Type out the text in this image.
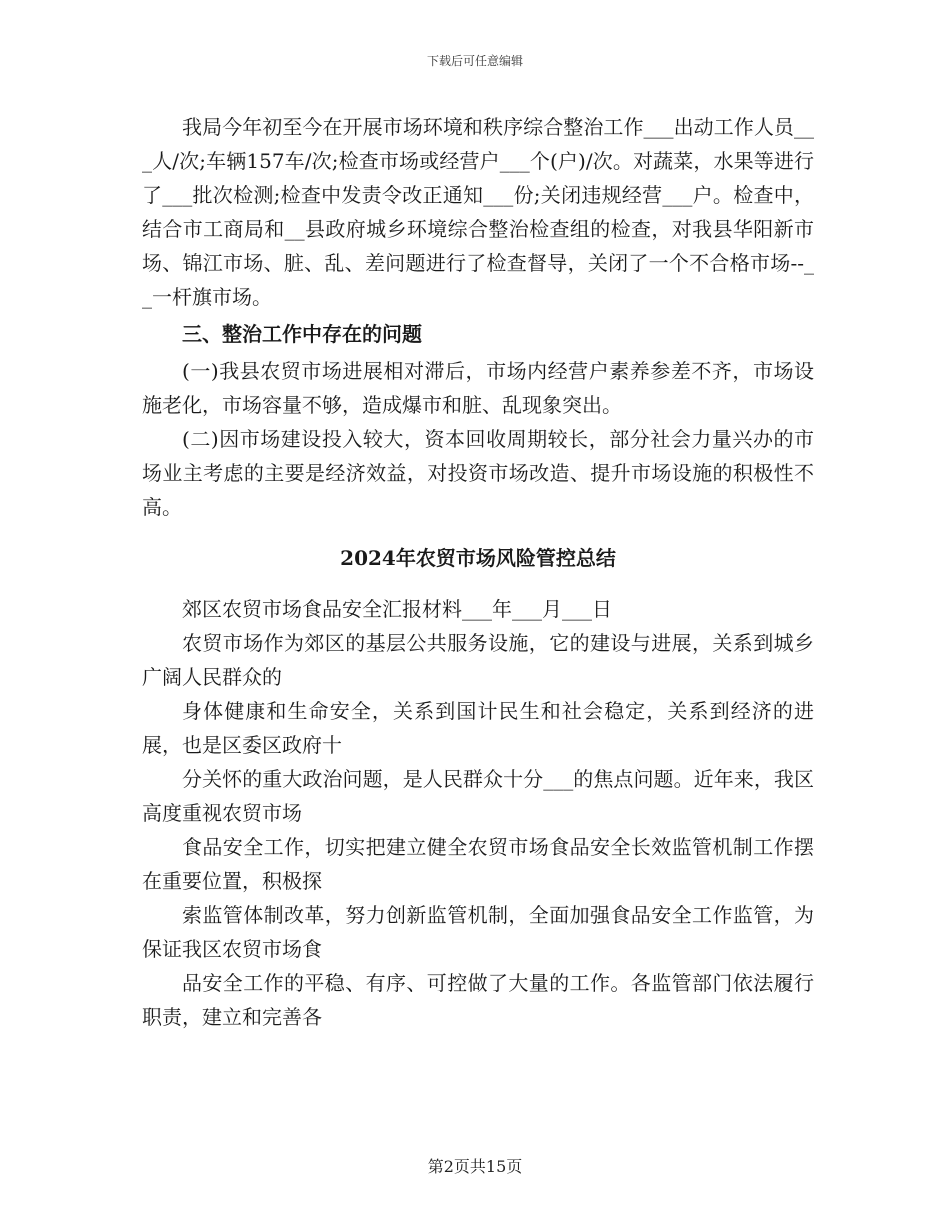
下载后可任意编辑

我局今年初至今在开展市场环境和秩序综合整治工作___出动工作人员___人/次;车辆157车/次;检查市场或经营户___个(户)/次。对蔬菜，水果等进行了___批次检测;检查中发责令改正通知___份;关闭违规经营___户。检查中，结合市工商局和__县政府城乡环境综合整治检查组的检查，对我县华阳新市场、锦江市场、脏、乱、差问题进行了检查督导，关闭了一个不合格市场--__一杆旗市场。

三、整治工作中存在的问题

(一)我县农贸市场进展相对滞后，市场内经营户素养参差不齐，市场设施老化，市场容量不够，造成爆市和脏、乱现象突出。

(二)因市场建设投入较大，资本回收周期较长，部分社会力量兴办的市场业主考虑的主要是经济效益，对投资市场改造、提升市场设施的积极性不高。

2024年农贸市场风险管控总结

郊区农贸市场食品安全汇报材料___年___月___日

农贸市场作为郊区的基层公共服务设施，它的建设与进展，关系到城乡广阔人民群众的

身体健康和生命安全，关系到国计民生和社会稳定，关系到经济的进展，也是区委区政府十

分关怀的重大政治问题，是人民群众十分___的焦点问题。近年来，我区高度重视农贸市场

食品安全工作，切实把建立健全农贸市场食品安全长效监管机制工作摆在重要位置，积极探

索监管体制改革，努力创新监管机制，全面加强食品安全工作监管，为保证我区农贸市场食

品安全工作的平稳、有序、可控做了大量的工作。各监管部门依法履行职责，建立和完善各

第2页共15页
